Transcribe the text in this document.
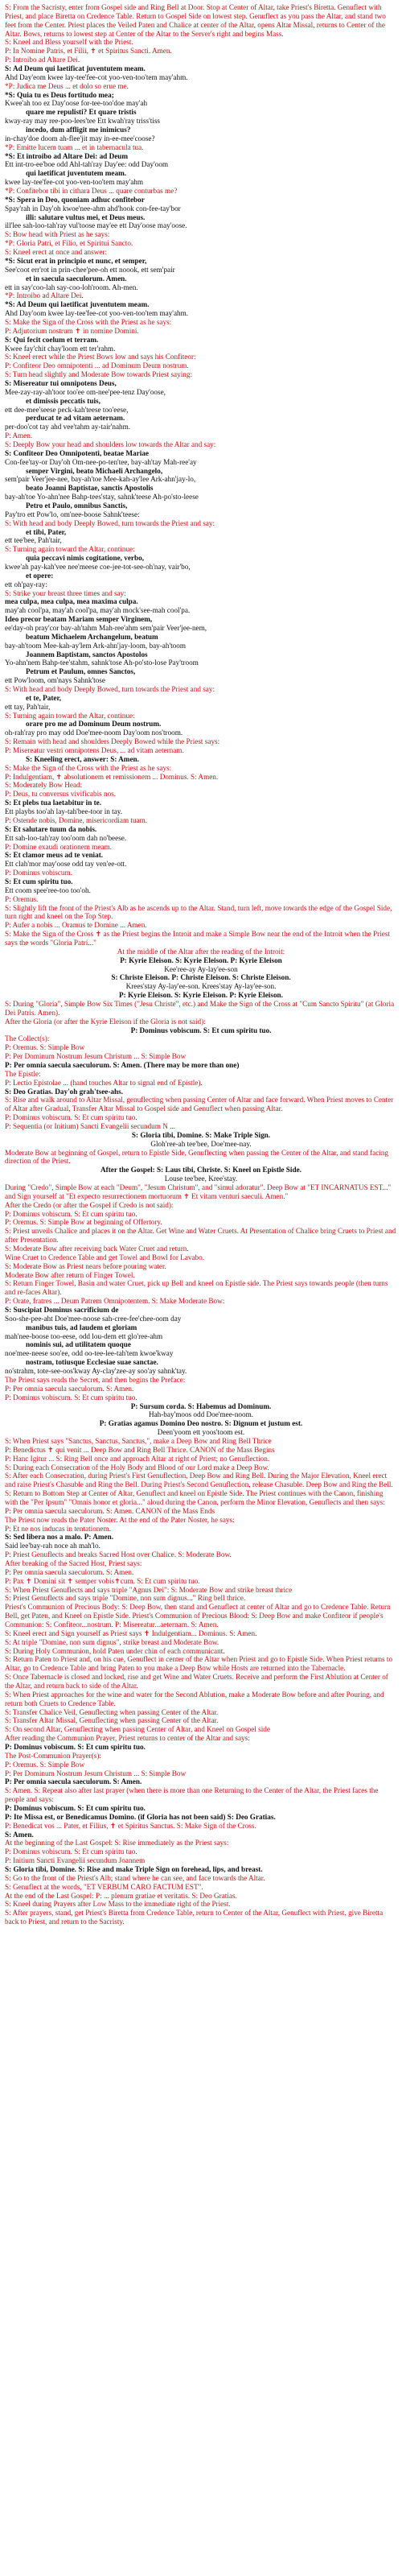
S: From the Sacristy, enter from Gospel side and Ring Bell at Door. Stop at Center of Altar, take Priest's Biretta. Genuflect with Priest, and place Biretta on Credence Table. Return to Gospel Side on lowest step. Genuflect as you pass the Altar, and stand two feet from the Center. Priest places the Veiled Paten and Chalice at center of the Altar, opens Altar Missal, returns to Center of the Altar. Bows, returns to lowest step at Center of the Altar to the Server's right and begins Mass.

S: Kneel and Bless yourself with the Priest.

P: In Nomine Patris, et Filii, ✝ et Spiritus Sancti. Amen.

P: Introibo ad Altare Dei.

S: Ad Deum qui laetificat juventutem meam.

Ahd Day'eom kwee lay-tee'fee-cot yoo-ven-too'tem may'ahm.

*P: Judica me Deus ... et dolo so erue me.

*S: Quia tu es Deus fortitudo mea;

Kwee'ah too ez Day'oose for-tee-too'doe may'ah

quare me repulisti? Et quare tristis

kway-ray may ree-poo-lees'tee Ett kwah'ray triss'tiss

incedo, dum affligit me inimicus?

in-chay'doe doom ah-flee'jit may in-ee-mee'coose?

*P: Emitte lucem tuam ... et in tabernacula tua.

*S: Et introibo ad Altare Dei: ad Deum

Ett int-tro-ee'boe odd Ahl-tah'ray Day'ee: odd Day'oom

qui laetificat juventutem meam.

kwee lay-tee'fee-cot yoo-ven-too'tem may'ahm

*P: Confitebor tibi in cithara Deus ... quare conturbas me?

*S: Spera in Deo, quoniam adhuc confitebor

Spay'rah in Day'oh kwoe'nee-ahm ahd'hook con-fee-tay'bor

illi: salutare vultus mei, et Deus meus.

ill'lee sah-loo-tah'ray vul'toose may'ee ett Day'oose may'oose.

S: Bow head with Priest as he says:

*P: Gloria Patri, et Filio, et Spiritui Sancto.

S: Kneel erect at once and answer:

*S: Sicut erat in principio et nunc, et semper,

See'coot err'rot in prin-chee'pee-oh ett noook, ett sem'pair

et in saecula saeculorum. Amen.

ett in say'coo-lah say-coo-loh'room. Ah-men.

*P: Introibo ad Altare Dei.

*S: Ad Deum qui laetificat juventutem meam.

Ahd Day'oom kwee lay-tee'fee-cot yoo-ven-too'tem may'ahm.

S: Make the Sign of the Cross with the Priest as he says:

P: Adjutorium nostrum ✝ in nomine Domini.

S: Qui fecit coelum et terram.

Kwee fay'chit chay'loom ett ter'rahm.

S: Kneel erect while the Priest Bows low and says his Confiteor:

P: Confiteor Deo omnipotenti ... ad Dominum Deum nostrum.

S: Turn head slightly and Moderate Bow towards Priest saying:

S: Misereatur tui omnipotens Deus,

Mee-zay-ray-ah'toor too'ee om-nee'pee-tenz Day'oose,

et dimissis peccatis tuis,

ett dee-mee'seese peck-kah'teese too'eese,

perducat te ad vitam aeternam.

per-doo'cot tay ahd vee'tahm ay-tair'nahm.

P: Amen.

S: Deeply Bow your head and shoulders low towards the Altar and say:

S: Confiteor Deo Omnipotenti, beatae Mariae

Con-fee'tay-or Day'oh Om-nee-po-ten'tee, bay-ah'tay Mah-ree'ay

semper Virgini, beato Michaeli Archangelo,

sem'pair Veer'jee-nee, bay-ah'toe Mee-kah-ay'lee Ark-ahn'jay-lo,

beato Joanni Baptistae, sanctis Apostolis

bay-ah'toe Yo-ahn'nee Bahp-tees'stay, sahnk'teese Ah-po'sto-leese

Petro et Paulo, omnibus Sanctis,

Pay'tro ett Pow'lo, om'nee-boose Sahnk'teese:

S: With head and body Deeply Bowed, turn towards the Priest and say:

et tibi, Pater,

ett tee'bee, Pah'tair,

S: Turning again toward the Altar, continue:

quia peccavi nimis cogitatione, verbo,

kwee'ah pay-kah'vee nee'meese coe-jee-tot-see-oh'nay, vair'bo,

et opere:

ett oh'pay-ray:

S: Strike your breast three times and say:

mea culpa, mea culpa, mea maxima culpa.

may'ah cool'pa, may'ah cool'pa, may'ah mock'see-mah cool'pa.

Ideo precor beatam Mariam semper Virginem,

ee'day-oh pray'cor bay-ah'tahm Mah-ree'ahm sem'pair Veer'jee-nem,

beatum Michaelem Archangelum, beatum

bay-ah'toom Mee-kah-ay'lem Ark-ahn'jay-loom, bay-ah'toom

Joannem Baptistam, sanctos Apostolos

Yo-ahn'nem Bahp-tee'stahm, sahnk'tose Ah-po'sto-lose Pay'troom

Petrum et Paulum, omnes Sanctos,

ett Pow'loom, om'nays Sahnk'tose

S: With head and body Deeply Bowed, turn towards the Priest and say:

et te, Pater,

ett tay, Pah'tair,

S: Turning again toward the Altar, continue:

orare pro me ad Dominum Deum nostrum.

oh-rah'ray pro may odd Doe'mee-noom Day'oom nos'troom.

S: Remain with head and shoulders Deeply Bowed while the Priest says:

P: Misereatur vestri omnipotens Deus, ... ad vitam aeternam.

S: Kneeling erect, answer: S: Amen.

S: Make the Sign of the Cross with the Priest as he says:

P: Indulgentiam, ✝ absolutionem et remissionem ... Dominus. S: Amen.

S: Moderately Bow Head:

P: Deus, tu conversus vivificabis nos.

S: Et plebs tua laetabitur in te.

Ett playbs too'ah lay-tah'bee-toor in tay.

P: Ostende nobis, Domine, misericordiam tuam.

S: Et salutare tuum da nobis.

Ett sah-loo-tah'ray too'oom dah no'beese.

P: Domine exaudi orationem meam.

S: Et clamor meus ad te veniat.

Ett clah'mor may'oose odd tay ven'ee-ott.

P: Dominus vobiscum.

S: Et cum spiritu tuo.

Ett coom spee'ree-too too'oh.

P: Oremus.

S: Slightly lift the front of the Priest's Alb as he ascends up to the Altar. Stand, turn left, move towards the edge of the Gospel Side, turn right and kneel on the Top Step.

P: Aufer a nobis ... Oramus te Domine ... Amen.

S: Make the Sign of the Cross ✝ as the Priest begins the Introit and make a Simple Bow near the end of the Introit when the Priest says the words "Gloria Patri..."

At the middle of the Altar after the reading of the Introit:

P: Kyrie Eleison. S: Kyrie Eleison. P: Kyrie Eleison

Kee'ree-ay Ay-lay'ee-son

S: Christe Eleison. P: Christe Eleison. S: Christe Eleison.

Krees'stay Ay-lay'ee-son. Krees'stay Ay-lay'ee-son.

P: Kyrie Eleison. S: Kyrie Eleison. P: Kyrie Eleison.

S: During "Gloria", Simple Bow Six Times ("Jesu Christe", etc.) and Make the Sign of the Cross at "Cum Sancto Spiritu" (at Gloria Dei Patris. Amen).

After the Gloria (or after the Kyrie Eleison if the Gloria is not said):

P: Dominus vobiscum. S: Et cum spiritu tuo.

The Collect(s):

P: Oremus. S: Simple Bow

P: Per Dominum Nostrum Jesum Christum ... S: Simple Bow

P: Per omnia saecula saeculorum. S: Amen. (There may be more than one)

The Epistle:

P: Lectio Epistolae ... (hand touches Altar to signal end of Epistle).

S: Deo Gratias. Day'oh grah'tsee-ahs.

S: Rise and walk around to Altar Missal, genuflecting when passing Center of Altar and face forward. When Priest moves to Center of Altar after Gradual, Transfer Altar Missal to Gospel side and Genuflect when passing Altar.

P: Dominus vobiscum. S: Et cum spiritu tuo.

P: Sequentia (or Initium) Sancti Evangelii secundum N ...

S: Gloria tibi, Domine. S: Make Triple Sign.

Gloh'ree-ah tee'bee, Doe'mee-nay.

Moderate Bow at beginning of Gospel, return to Epistle Side, Genuflecting when passing the Center of the Altar, and stand facing direction of the Priest.

After the Gospel: S: Laus tibi, Christe. S: Kneel on Epistle Side.

Louse tee'bee, Kree'stay.

During "Credo", Simple Bow at each "Deum", "Jesum Christum", and "simul adoratur". Deep Bow at "ET INCARNATUS EST..." and Sign yourself at "Et expecto resurrectionem mortuorum ✝ Et vitam venturi saeculi. Amen."

After the Credo (or after the Gospel if Credo is not said):

P: Dominus vobiscum. S: Et cum spiritu tuo.

P: Oremus. S: Simple Bow at beginning of Offertory.

S: Priest unveils Chalice and places it on the Altar. Get Wine and Water Cruets. At Presentation of Chalice bring Cruets to Priest and after Presentation.

S: Moderate Bow after receiving back Water Cruet and return.

Wine Cruet to Credence Table and get Towel and Bowl for Lavabo.

S: Moderate Bow as Priest nears before pouring water.

Moderate Bow after return of Finger Towel.

S: Return Finger Towel, Basin and water Cruet, pick up Bell and kneel on Epistle side. The Priest says towards people (then turns and re-faces Altar).

P: Orate, fratres ... Deum Patrem Omnipotentem. S: Make Moderate Bow:

S: Suscipiat Dominus sacrificium de

Soo-she-pee-aht Doe'mee-noose sah-cree-fee'chee-oom day

manibus tuis, ad laudem et gloriam

mah'nee-boose too-eese, odd lou-dem ett glo'ree-ahm

nominis sui, ad utilitatem quoque

noe'mee-neese soo'ee, odd oo-tee-lee-tah'tem kwoe'kway

nostram, totiusque Ecclesiae suae sanctae.

no'strahm, tote-see-oos'kway Ay-clay'zee-ay soo'ay sahnk'tay.

The Priest says reads the Secret, and then begins the Preface:

P: Per omnia saecula saeculorum. S: Amen.

P: Dominus vobiscum. S: Et cum spiritu tuo.

P: Sursum corda. S: Habemus ad Dominum.

Hah-bay'moos odd Doe'mee-noom.

P: Gratias agamus Domino Deo nostro. S: Dignum et justum est.

Deen'yoom ett yoos'toom est.

S: When Priest says "Sanctus, Sanctus, Sanctus,", make a Deep Bow and Ring Bell Thrice

P: Benedictus ✝ qui venit ... Deep Bow and Ring Bell Thrice. CANON of the Mass Begins

P: Hanc Igitur ... S: Ring Bell once and approach Altar at right of Priest; no Genuflection.

S: During each Consecration of the Holy Body and Blood of our Lord make a Deep Bow.

S: After each Consecration, during Priest's First Genuflection, Deep Bow and Ring Bell. During the Major Elevation, Kneel erect and raise Priest's Chasuble and Ring the Bell. During Priest's Second Genuflection, release Chasuble. Deep Bow and Ring the Bell.

S: Return to Bottom Step at Center of Altar, Genuflect and kneel on Epistle Side. The Priest continues with the Canon, finishing with the "Per Ipsum" "Omnis honor et gloria..." aloud during the Canon, perform the Minor Elevation, Genuflects and then says:

P: Per omnia saecula saeculorum. S: Amen. CANON of the Mass Ends

The Priest now reads the Pater Noster. At the end of the Pater Noster, he says:

P: Et ne nos inducas in tentationem.

S: Sed libera nos a malo. P: Amen.

Said lee'bay-rah noce ah mah'lo.

P: Priest Genuflects and breaks Sacred Host over Chalice. S: Moderate Bow.

After breaking of the Sacred Host, Priest says:

P: Per omnia saecula saeculorum. S: Amen.

P: Pax ✝ Domini sit ✝ semper vobis✝cum. S: Et cum spiritu tuo.

S: When Priest Genuflects and says triple "Agnus Dei": S: Moderate Bow and strike breast thrice

S: Priest Genuflects and says triple "Domine, non sum dignus..." Ring bell thrice.

Priest's Communion of Precious Body: S: Deep Bow, then stand and Genuflect at center of Altar and go to Credence Table. Return Bell, get Paten, and Kneel on Epistle Side. Priest's Communion of Precious Blood: S: Deep Bow and make Confiteor if people's Communion: S: Confiteor...nostrum. P: Misereatur...aeternam. S: Amen.

S: Kneel erect and Sign yourself as Priest says ✝ Indulgentiam... Dominus. S: Amen.

S: At triple "Domine, non sum dignus", strike breast and Moderate Bow.

S: During Holy Communion, hold Paten under chin of each communicant.

S: Return Paten to Priest and, on his cue, Genuflect in center of the Altar when Priest and go to Epistle Side. When Priest returns to Altar, go to Credence Table and bring Paten to you make a Deep Bow while Hosts are returned into the Tabernacle.

S: Once Tabernacle is closed and locked, rise and get Wine and Water Cruets. Receive and perform the First Ablution at Center of the Altar, and return back to side of the Altar.

S: When Priest approaches for the wine and water for the Second Ablution, make a Moderate Bow before and after Pouring, and return both Cruets to Credence Table.

S: Transfer Chalice Veil, Genuflecting when passing Center of the Altar.

S: Transfer Altar Missal, Genuflecting when passing Center of the Altar.

S: On second Altar, Genuflecting when passing Center of Altar, and Kneel on Gospel side

After reading the Communion Prayer, Priest returns to center of the Altar and says:

P: Dominus vobiscum. S: Et cum spiritu tuo.

The Post-Communion Prayer(s):

P: Oremus. S: Simple Bow

P: Per Dominum Nostrum Jesum Christum ... S: Simple Bow

P: Per omnia saecula saeculorum. S: Amen.

S: Amen. S: Repeat also after last prayer (when there is more than one Returning to the Center of the Altar, the Priest faces the people and says:

P: Dominus vobiscum. S: Et cum spiritu tuo.

P: Ite Missa est, or Benedicamus Domino. (if Gloria has not been said) S: Deo Gratias.

P: Benedicat vos ... Pater, et Filius, ✝ et Spiritus Sanctus. S: Make Sign of the Cross.

S: Amen.

At the beginning of the Last Gospel: S: Rise immediately as the Priest says:

P: Dominus vobiscum. S: Et cum spiritu tuo.

P: Initium Sancti Evangelii secundum Joannem

S: Gloria tibi, Domine. S: Rise and make Triple Sign on forehead, lips, and breast.

S: Go to the front of the Priest's Alb; stand where he can see, and face towards the Altar.

S: Genuflect at the words, "ET VERBUM CARO FACTUM EST".

At the end of the Last Gospel: P: ... plenum gratiae et veritatis. S: Deo Gratias.

S: Kneel during Prayers after Low Mass to the immediate right of the Priest.

S: After prayers, stand, get Priest's Biretta from Credence Table, return to Center of the Altar, Genuflect with Priest, give Biretta back to Priest, and return to the Sacristy.
